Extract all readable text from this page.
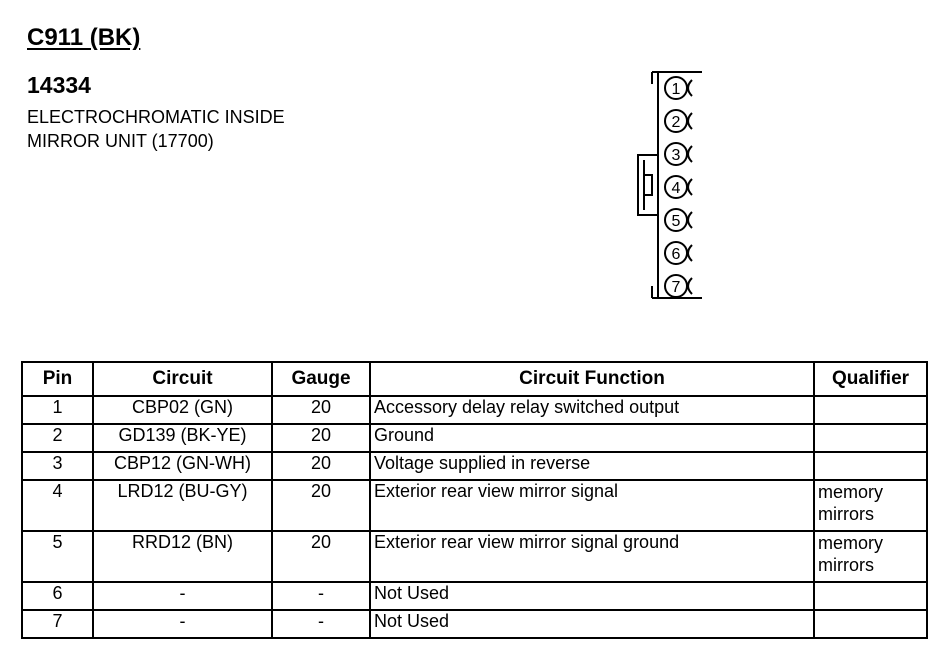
C911 (BK)
14334
ELECTROCHROMATIC INSIDE
MIRROR UNIT (17700)
1
2
3
4
5
6
7
Pin	Circuit	Gauge	Circuit Function	Qualifier
1	CBP02 (GN)	20	Accessory delay relay switched output	

2	GD139 (BK-YE)	20	Ground	

3	CBP12 (GN-WH)	20	Voltage supplied in reverse	

4	LRD12 (BU-GY)	20	Exterior rear view mirror signal	memory
mirrors

5	RRD12 (BN)	20	Exterior rear view mirror signal ground	memory
mirrors

6	-	-	Not Used	

7	-	-	Not Used	
